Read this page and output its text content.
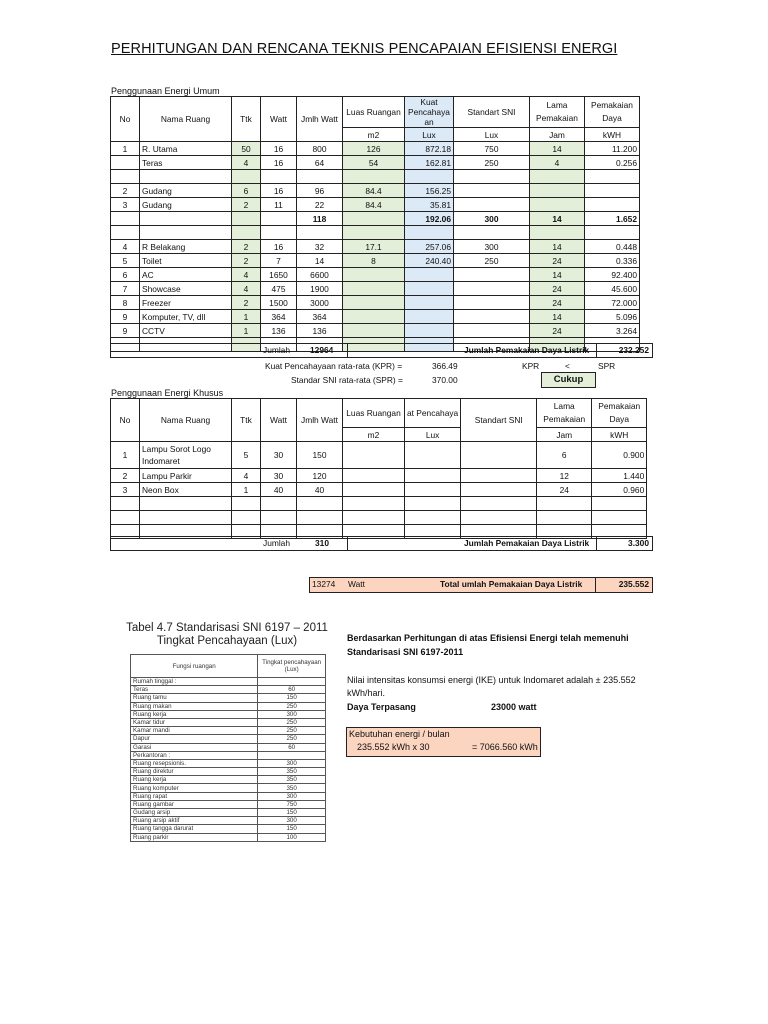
PERHITUNGAN DAN RENCANA TEKNIS PENCAPAIAN EFISIENSI ENERGI
Penggunaan Energi Umum
No	Nama Ruang	Ttk	Watt	Jmlh Watt	Luas Ruangan	Kuat Pencahaya an	Standart SNI	Lama Pemakaian	Pemakaian Daya
					m2	Lux	Lux	Jam	kWH
1	R. Utama	50	16	800	126	872.18	750	14	11.200
	Teras	4	16	64	54	162.81	250	4	0.256

2	Gudang	6	16	96	84.4	156.25			
3	Gudang	2	11	22	84.4	35.81			
				118		192.06	300	14	1.652

4	R Belakang	2	16	32	17.1	257.06	300	14	0.448
5	Toilet	2	7	14	8	240.40	250	24	0.336
6	AC	4	1650	6600				14	92.400
7	Showcase	4	475	1900				24	45.600
8	Freezer	2	1500	3000				24	72.000
9	Komputer, TV, dll	1	364	364				14	5.096
9	CCTV	1	136	136				24	3.264

Jumlah	12964	Jumlah Pemakaian Daya Listrik	232.252
Kuat Pencahayaan rata-rata (KPR) =	366.49	KPR	<	SPR
Standar SNI rata-rata (SPR) =	370.00	Cukup
Penggunaan Energi Khusus
No	Nama Ruang	Ttk	Watt	Jmlh Watt	Luas Ruangan	at Pencahaya	Standart SNI	Lama Pemakaian	Pemakaian Daya
					m2	Lux		Jam	kWH
1	Lampu Sorot Logo Indomaret	5	30	150				6	0.900
2	Lampu Parkir	4	30	120				12	1.440
3	Neon Box	1	40	40				24	0.960

Jumlah	310	Jumlah Pemakaian Daya Listrik	3.300
13274 Watt	Total umlah Pemakaian Daya Listrik	235.552
Tabel 4.7 Standarisasi SNI 6197 – 2011 Tingkat Pencahayaan (Lux)
Fungsi ruangan	Tingkat pencahayaan (Lux)
Rumah tinggal :	
Teras	60
Ruang tamu	150
Ruang makan	250
Ruang kerja	300
Kamar tidur	250
Kamar mandi	250
Dapur	250
Garasi	60
Perkantoran :	
Ruang resepsionis.	300
Ruang direktur	350
Ruang kerja	350
Ruang komputer	350
Ruang rapat	300
Ruang gambar	750
Gudang arsip	150
Ruang arsip aktif	300
Ruang tangga darurat	150
Ruang parkir	100
Berdasarkan Perhitungan di atas Efisiensi Energi telah memenuhi
Standarisasi SNI 6197-2011
Nilai intensitas konsumsi energi (IKE) untuk Indomaret adalah ± 235.552
kWh/hari.
Daya Terpasang	23000 watt
Kebutuhan energi / bulan
235.552 kWh x 30	= 7066.560 kWh
